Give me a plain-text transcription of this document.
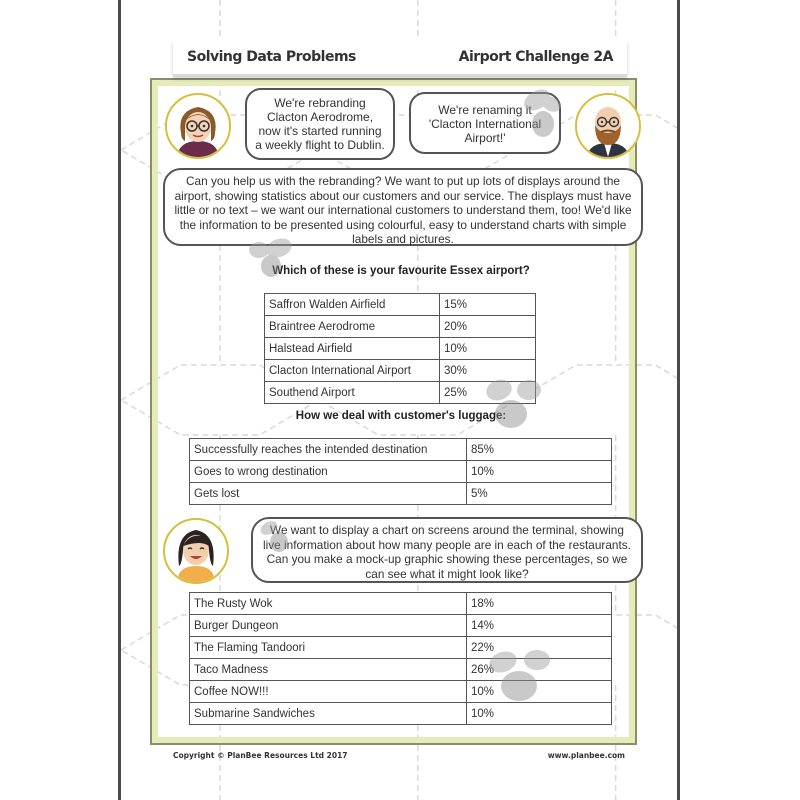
Solving Data Problems	Airport Challenge 2A
We're rebranding Clacton Aerodrome, now it's started running a weekly flight to Dublin.
We're renaming it 'Clacton International Airport!'
Can you help us with the rebranding? We want to put up lots of displays around the airport, showing statistics about our customers and our service. The displays must have little or no text – we want our international customers to understand them, too! We'd like the information to be presented using colourful, easy to understand charts with simple labels and pictures.
Which of these is your favourite Essex airport?
Saffron Walden Airfield	15%
Braintree Aerodrome	20%
Halstead Airfield	10%
Clacton International Airport	30%
Southend Airport	25%
How we deal with customer's luggage:
Successfully reaches the intended destination	85%
Goes to wrong destination	10%
Gets lost	5%
We want to display a chart on screens around the terminal, showing live information about how many people are in each of the restaurants. Can you make a mock-up graphic showing these percentages, so we can see what it might look like?
The Rusty Wok	18%
Burger Dungeon	14%
The Flaming Tandoori	22%
Taco Madness	26%
Coffee NOW!!!	10%
Submarine Sandwiches	10%
Copyright © PlanBee Resources Ltd 2017	www.planbee.com
